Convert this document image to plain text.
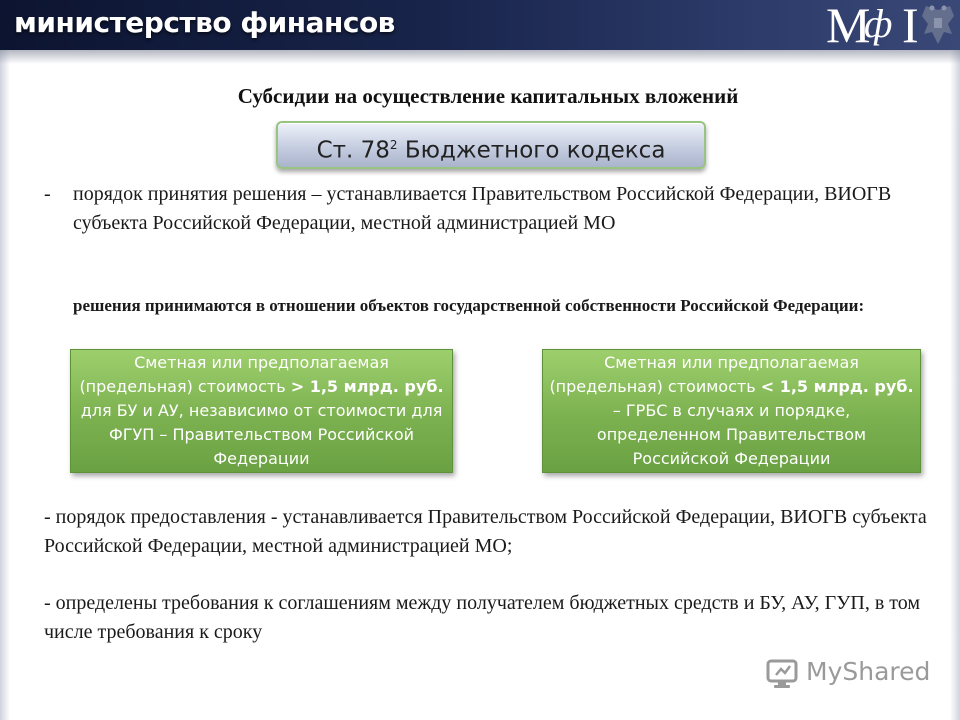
министерство финансов	М
ф Ι
Субсидии на осуществление капитальных вложений
Ст. $78^2$ Бюджетного кодекса
- порядок принятия решения – устанавливается Правительством Российской Федерации, ВИОГВ субъекта Российской Федерации, местной администрацией МО
решения принимаются в отношении объектов государственной собственности Российской Федерации:
Сметная или предполагаемая (предельная) стоимость > 1,5 млрд. руб. для БУ и АУ, независимо от стоимости для ФГУП – Правительством Российской Федерации
Сметная или предполагаемая (предельная) стоимость < 1,5 млрд. руб. – ГРБС в случаях и порядке, определенном Правительством Российской Федерации
- порядок предоставления - устанавливается Правительством Российской Федерации, ВИОГВ субъекта Российской Федерации, местной администрацией МО;
- определены требования к соглашениям между получателем бюджетных средств и БУ, АУ, ГУП, в том числе требования к сроку
MyShared
